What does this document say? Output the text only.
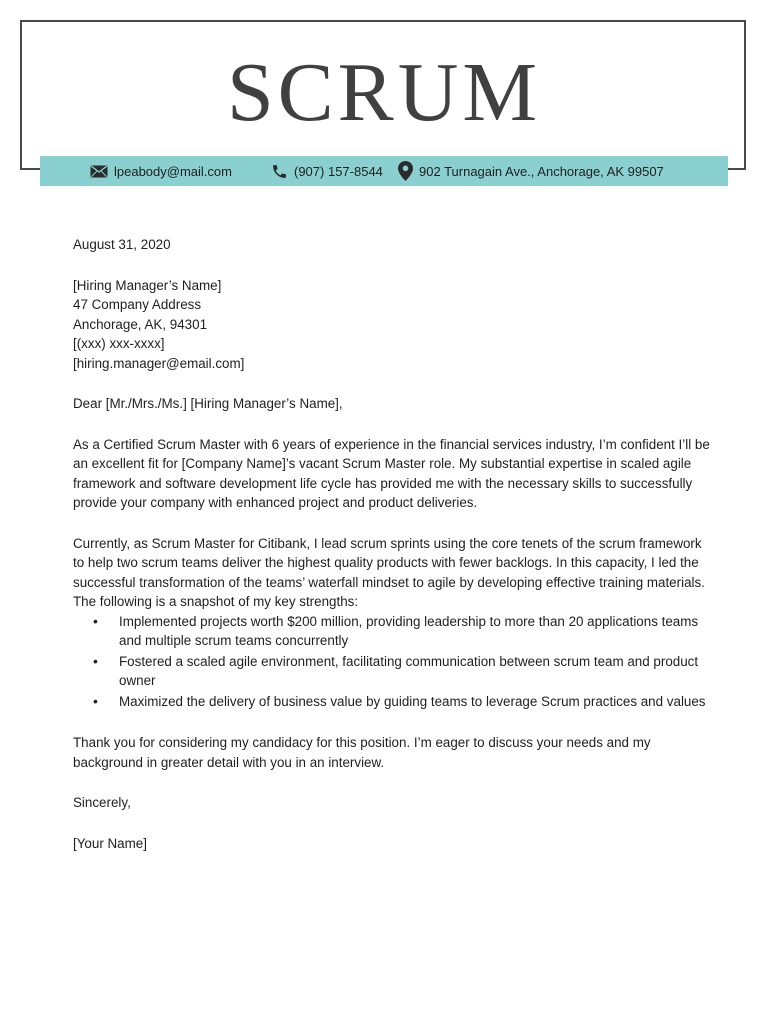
SCRUM
lpeabody@mail.com	(907) 157-8544	902 Turnagain Ave., Anchorage, AK 99507

August 31, 2020

[Hiring Manager’s Name]

47 Company Address

Anchorage, AK, 94301

[(xxx) xxx-xxxx]

[hiring.manager@email.com]

Dear [Mr./Mrs./Ms.] [Hiring Manager’s Name],

As a Certified Scrum Master with 6 years of experience in the financial services industry, I’m confident I’ll be an excellent fit for [Company Name]’s vacant Scrum Master role. My substantial expertise in scaled agile framework and software development life cycle has provided me with the necessary skills to successfully provide your company with enhanced project and product deliveries.

Currently, as Scrum Master for Citibank, I lead scrum sprints using the core tenets of the scrum framework to help two scrum teams deliver the highest quality products with fewer backlogs. In this capacity, I led the successful transformation of the teams’ waterfall mindset to agile by developing effective training materials. The following is a snapshot of my key strengths:

• Implemented projects worth $200 million, providing leadership to more than 20 applications teams and multiple scrum teams concurrently
• Fostered a scaled agile environment, facilitating communication between scrum team and product owner
• Maximized the delivery of business value by guiding teams to leverage Scrum practices and values

Thank you for considering my candidacy for this position. I’m eager to discuss your needs and my background in greater detail with you in an interview.

Sincerely,

[Your Name]
